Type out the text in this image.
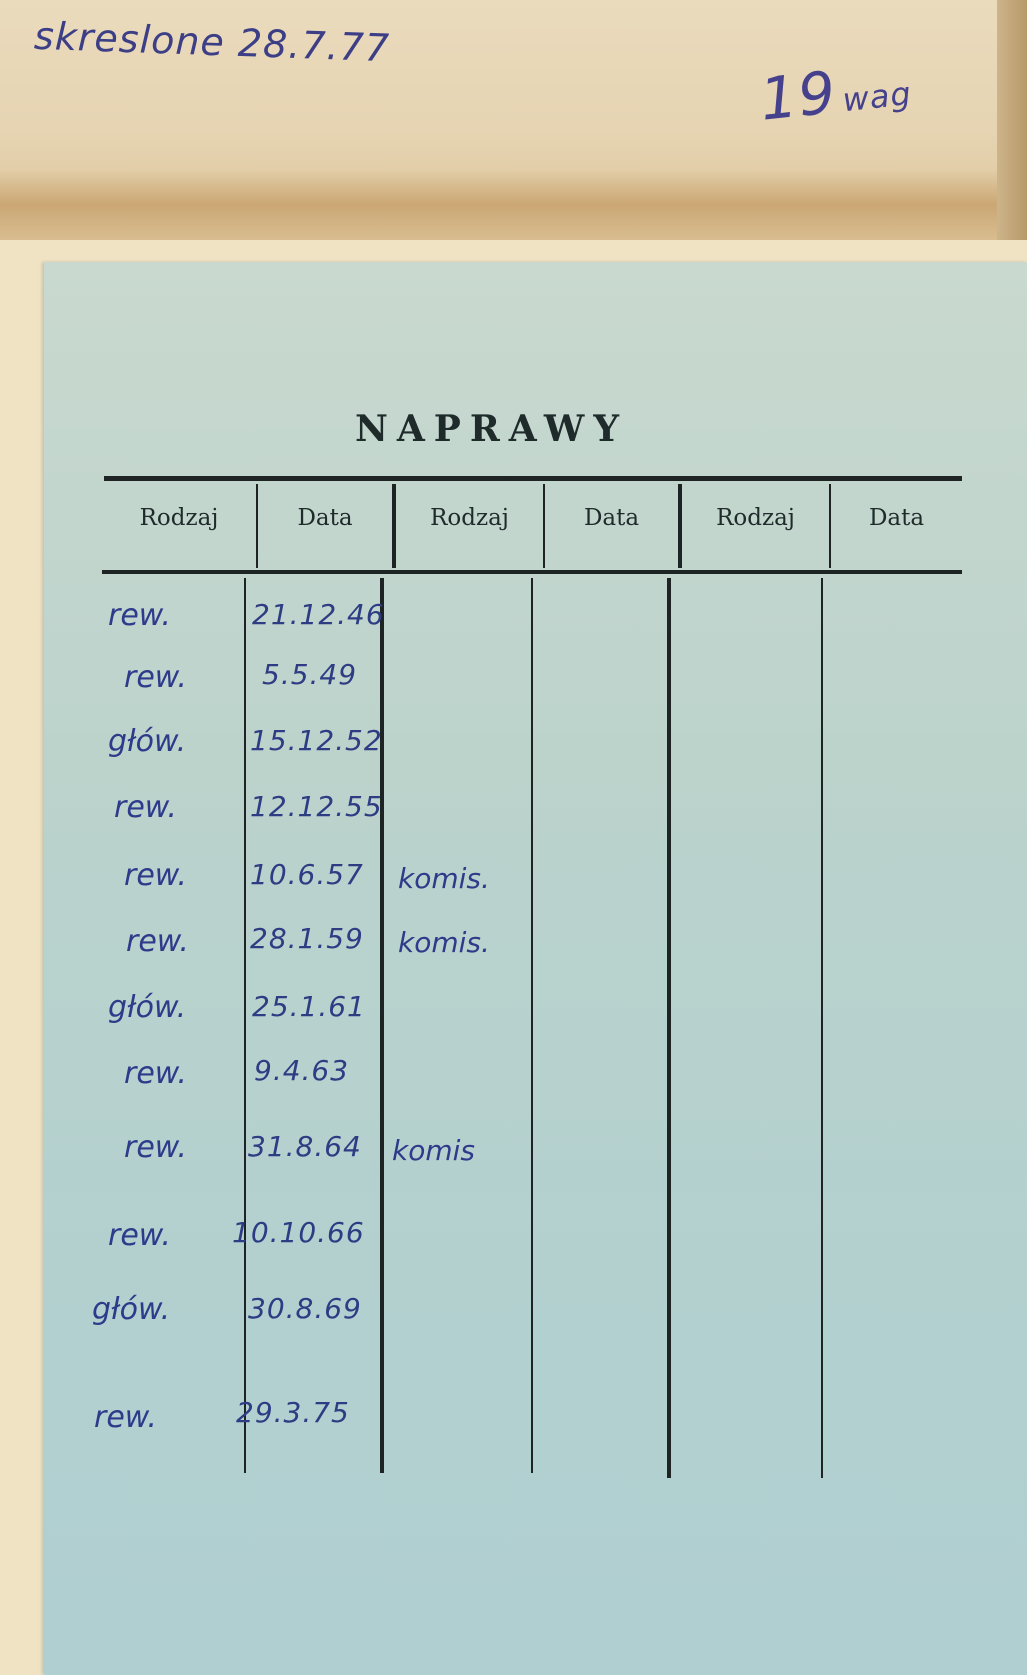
skreslone 28.7.77
19wag
NAPRAWY
Rodzaj	Data	Rodzaj	Data	Rodzaj	Data
rew.	21.12.46
rew.	5.5.49
głów. 15.12.52
rew.	12.12.55
rew. 10.6.57 komis.
rew. 28.1.59 komis.
głów. 25.1.61
rew. 9.4.63
rew. 31.8.64 komis
rew. 10.10.66
głów.	30.8.69
rew.	29.3.75
